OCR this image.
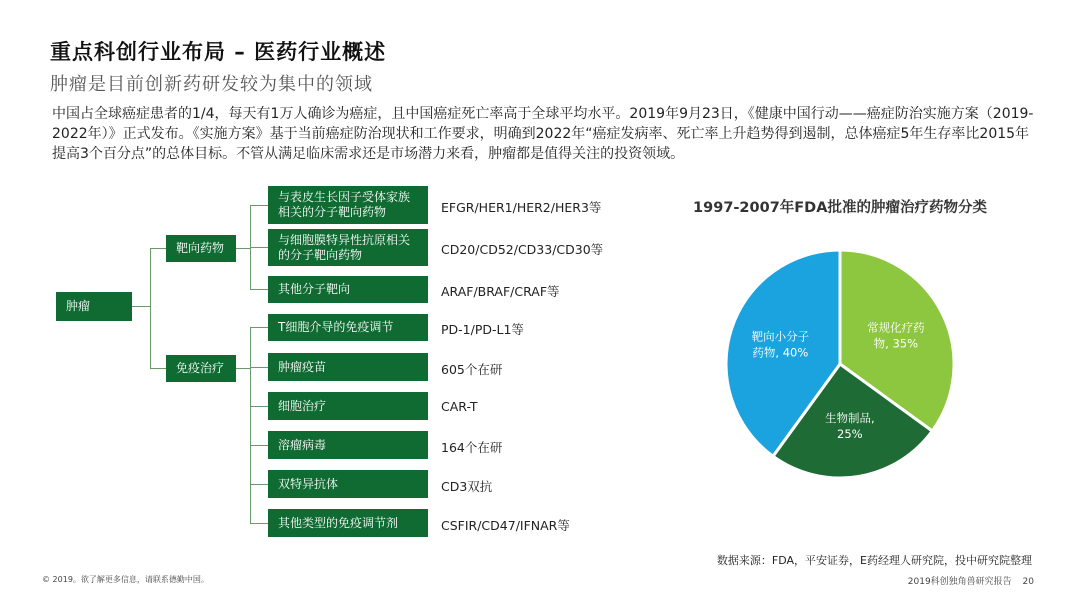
重点科创行业布局 – 医药行业概述
肿瘤是目前创新药研发较为集中的领域
中国占全球癌症患者的1/4，每天有1万人确诊为癌症，且中国癌症死亡率高于全球平均水平。2019年9月23日，《健康中国行动——癌症防治实施方案（2019-2022年）》正式发布。《实施方案》基于当前癌症防治现状和工作要求，明确到2022年“癌症发病率、死亡率上升趋势得到遏制，总体癌症5年生存率比2015年提高3个百分点”的总体目标。不管从满足临床需求还是市场潜力来看，肿瘤都是值得关注的投资领域。
肿瘤
靶向药物
免疫治疗
与表皮生长因子受体家族相关的分子靶向药物	EFGR/HER1/HER2/HER3等
与细胞膜特异性抗原相关的分子靶向药物	CD20/CD52/CD33/CD30等
其他分子靶向	ARAF/BRAF/CRAF等
T细胞介导的免疫调节	PD-1/PD-L1等
肿瘤疫苗	605个在研
细胞治疗	CAR-T
溶瘤病毒	164个在研
双特异抗体	CD3双抗
其他类型的免疫调节剂	CSFIR/CD47/IFNAR等
1997-2007年FDA批准的肿瘤治疗药物分类
常规化疗药物, 35%
生物制品, 25%
靶向小分子药物, 40%
数据来源：FDA，平安证券，E药经理人研究院，投中研究院整理
© 2019。欲了解更多信息，请联系德勤中国。	2019科创独角兽研究报告 20
